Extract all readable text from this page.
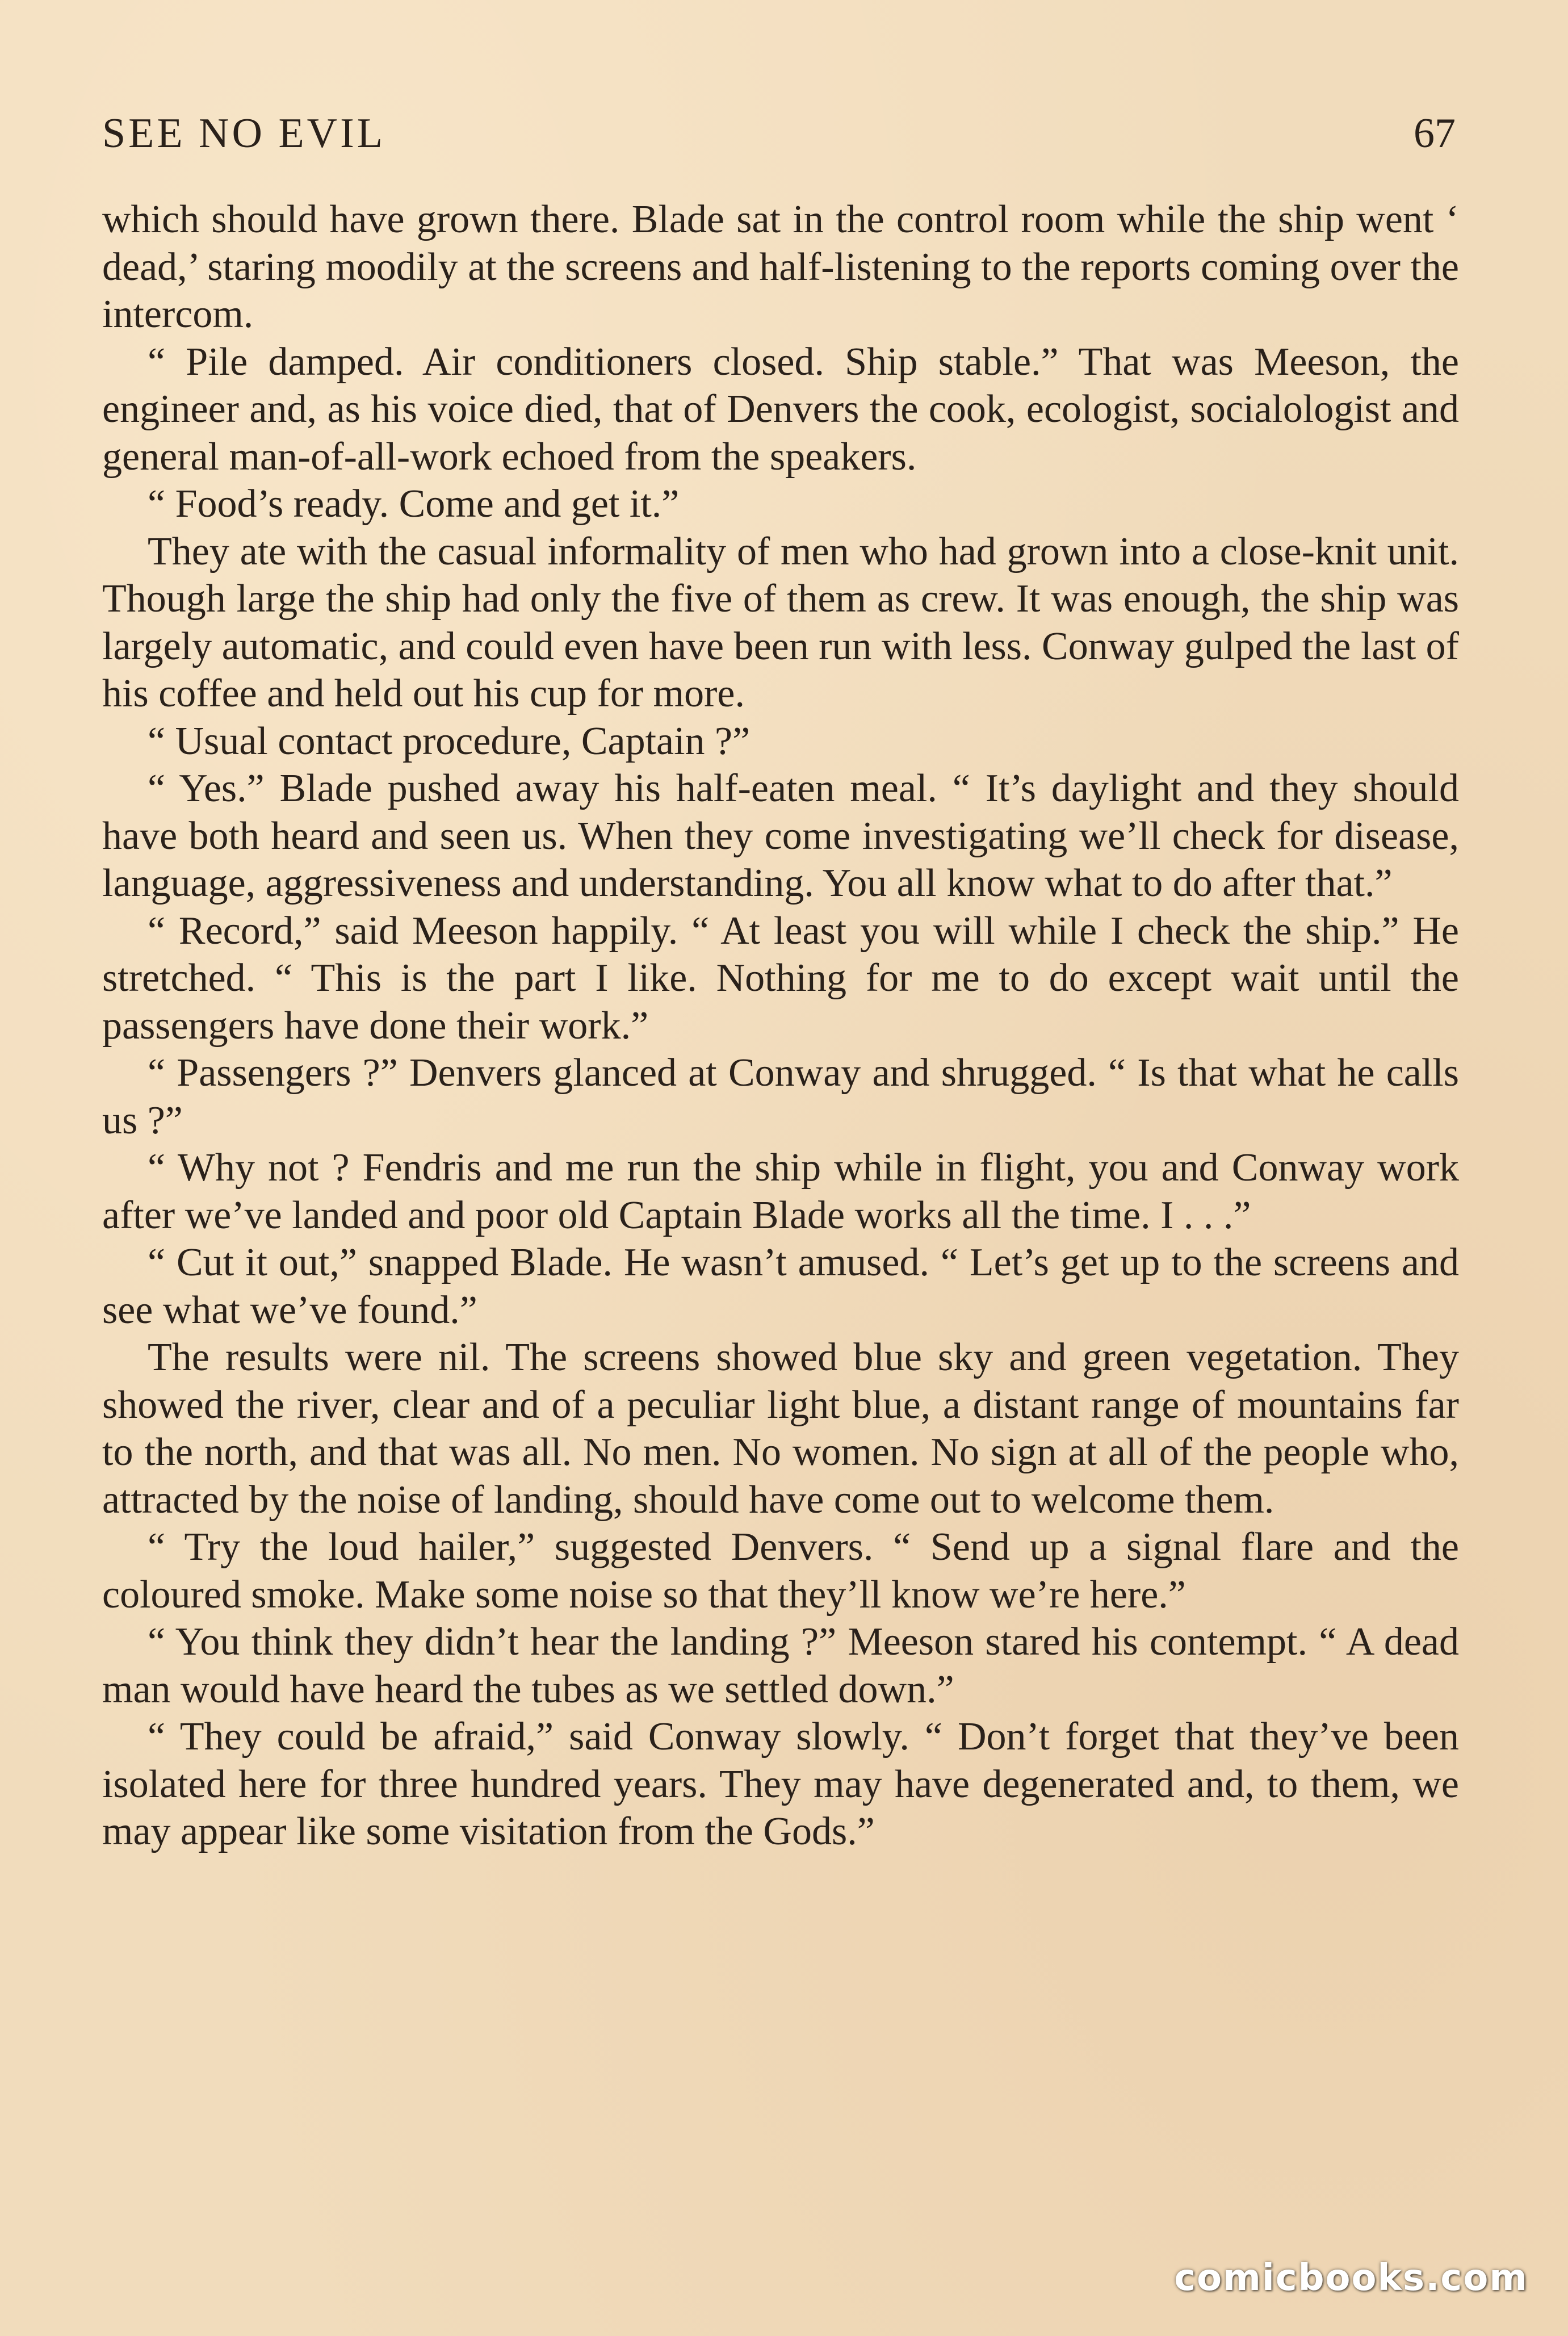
SEE NO EVIL	67

which should have grown there. Blade sat in the control room while the ship went ‘ dead,’ staring moodily at the screens and half-listening to the reports coming over the intercom.

“ Pile damped. Air conditioners closed. Ship stable.” That was Meeson, the engineer and, as his voice died, that of Denvers the cook, ecologist, socialologist and general man-of-all-work echoed from the speakers.

“ Food’s ready. Come and get it.”

They ate with the casual informality of men who had grown into a close-knit unit. Though large the ship had only the five of them as crew. It was enough, the ship was largely automatic, and could even have been run with less. Conway gulped the last of his coffee and held out his cup for more.

“ Usual contact procedure, Captain ?”

“ Yes.” Blade pushed away his half-eaten meal. “ It’s daylight and they should have both heard and seen us. When they come investigating we’ll check for disease, language, aggressiveness and understanding. You all know what to do after that.”

“ Record,” said Meeson happily. “ At least you will while I check the ship.” He stretched. “ This is the part I like. Nothing for me to do except wait until the passengers have done their work.”

“ Passengers ?” Denvers glanced at Conway and shrugged. “ Is that what he calls us ?”

“ Why not ? Fendris and me run the ship while in flight, you and Conway work after we’ve landed and poor old Captain Blade works all the time. I . . .”

“ Cut it out,” snapped Blade. He wasn’t amused. “ Let’s get up to the screens and see what we’ve found.”

The results were nil. The screens showed blue sky and green vegetation. They showed the river, clear and of a peculiar light blue, a distant range of mountains far to the north, and that was all. No men. No women. No sign at all of the people who, attracted by the noise of landing, should have come out to welcome them.

“ Try the loud hailer,” suggested Denvers. “ Send up a signal flare and the coloured smoke. Make some noise so that they’ll know we’re here.”

“ You think they didn’t hear the landing ?” Meeson stared his contempt. “ A dead man would have heard the tubes as we settled down.”

“ They could be afraid,” said Conway slowly. “ Don’t forget that they’ve been isolated here for three hundred years. They may have degenerated and, to them, we may appear like some visitation from the Gods.”

comicbooks.com
